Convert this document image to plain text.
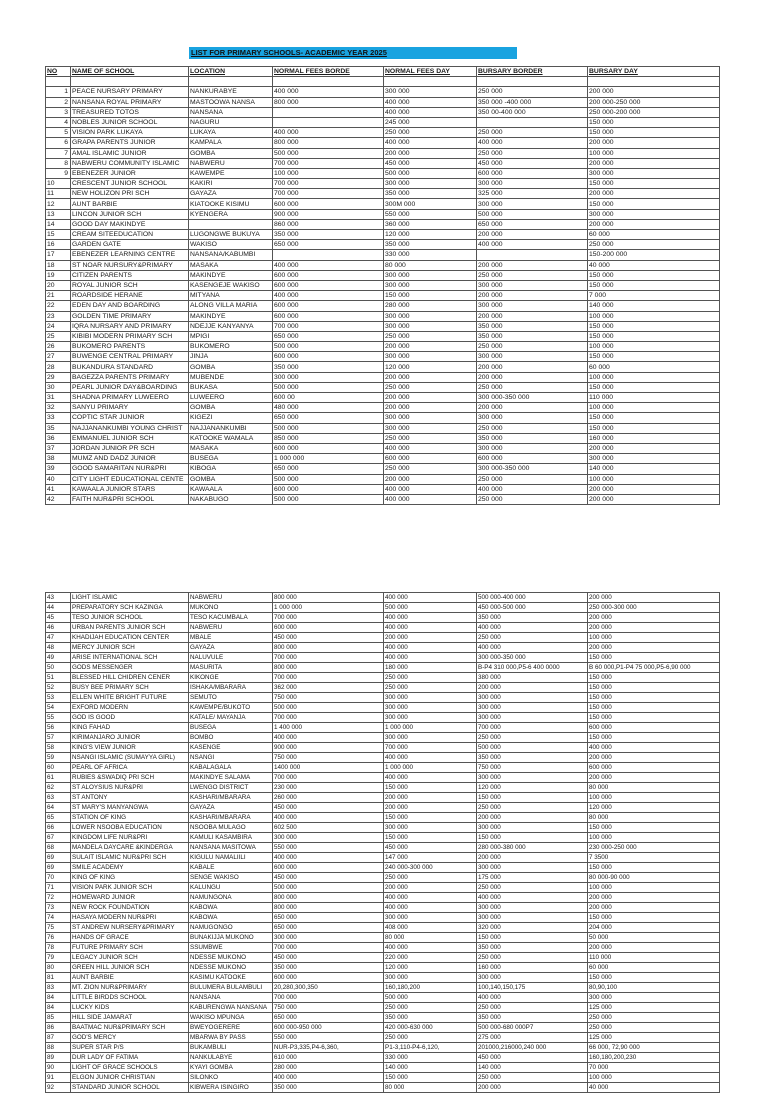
LIST FOR PRIMARY SCHOOLS- ACADEMIC YEAR 2025
NO	NAME OF SCHOOL	LOCATION	NORMAL FEES BORDE	NORMAL FEES DAY	BURSARY BORDER	BURSARY DAY

1	PEACE NURSARY PRIMARY	NANKURABYE	400 000	300 000	250 000	200 000
2	NANSANA ROYAL PRIMARY	MASTOOWA NANSA	800 000	400 000	350 000 -400 000	200 000-250 000
3	TREASURED TOTOS	NANSANA		400 000	350 00-400 000	250 000-200 000
4	NOBLES JUNIOR SCHOOL	NAGURU		245 000		150 000
5	VISION PARK LUKAYA	LUKAYA	400 000	250 000	250 000	150 000
6	GRAPA PARENTS JUNIOR	KAMPALA	800 000	400 000	400 000	200 000
7	AMAL ISLAMIC JUNIOR	GOMBA	500 000	200 000	250 000	100 000
8	NABWERU COMMUNITY ISLAMIC	NABWERU	700 000	450 000	450 000	200 000
9	EBENEZER JUNIOR	KAWEMPE	100 000	500 000	600 000	300 000
10	CRESCENT JUNIOR SCHOOL	KAKIRI	700 000	300 000	300 000	150 000
11	NEW HOLIZON PRI SCH	GAYAZA	700 000	350 000	325 000	200 000
12	AUNT BARBIE	KIATOOKE KISIMU	600 000	300M 000	300 000	150 000
13	LINCON JUNIOR SCH	KYENGERA	900 000	550 000	500 000	300 000
14	GOOD DAY MAKINDYE		860 000	360 000	650 000	200 000
15	CREAM SITEEDUCATION	LUGONGWE BUKUYA	350 000	120 000	200 000	60 000
16	GARDEN GATE	WAKISO	650 000	350 000	400 000	250 000
17	EBENEZER LEARNING CENTRE	NANSANA/KABUMBI		330 000		150-200 000
18	ST NOAR NURSURY&PRIMARY	MASAKA	400 000	80 000	200 000	40 000
19	CITIZEN PARENTS	MAKINDYE	600 000	300 000	250 000	150 000
20	ROYAL JUNIOR SCH	KASENGEJE WAKISO	600 000	300 000	300 000	150 000
21	ROARDSIDE HERANE	MITYANA	400 000	150 000	200 000	7 000
22	EDEN DAY AND BOARDING	ALONG VILLA MARIA	600 000	280 000	300 000	140 000
23	GOLDEN TIME PRIMARY	MAKINDYE	600 000	300 000	200 000	100 000
24	IQRA NURSARY AND PRIMARY	NDEJJE KANYANYA	700 000	300 000	350 000	150 000
25	KIBIBI MODERN PRIMARY SCH	MPIGI	650 000	250 000	350 000	150 000
26	BUKOMERO PARENTS	BUKOMERO	500 000	200 000	250 000	100 000
27	BUWENGE CENTRAL PRIMARY	JINJA	600 000	300 000	300 000	150 000
28	BUKANDURA STANDARD	GOMBA	350 000	120 000	200 000	60 000
29	BAGEZZA PARENTS PRIMARY	MUBENDE	300 000	200 000	200 000	100 000
30	PEARL JUNIOR DAY&BOARDING	BUKASA	500 000	250 000	250 000	150 000
31	SHADNA PRIMARY LUWEERO	LUWEERO	600 00	200 000	300 000-350 000	110 000
32	SANYU PRIMARY	GOMBA	480 000	200 000	200 000	100 000
33	COPTIC STAR JUNIOR	KIGEZI	650 000	300 000	300 000	150 000
35	NAJJANANKUMBI YOUNG CHRIST	NAJJANANKUMBI	500 000	300 000	250 000	150 000
36	EMMANUEL JUNIOR SCH	KATOOKE WAMALA	850 000	250 000	350 000	160 000
37	JORDAN JUNIOR PR SCH	MASAKA	600 000	400 000	300 000	200 000
38	MUMZ AND DADZ JUNIOR	BUSEGA	1 000 000	600 000	600 000	300 000
39	GOOD SAMARITAN NUR&PRI	KIBOGA	650 000	250 000	300 000-350 000	140 000
40	CITY LIGHT EDUCATIONAL CENTE	GOMBA	500 000	200 000	250 000	100 000
41	KAWAALA JUNIOR STARS	KAWAALA	600 000	400 000	400 000	200 000
42	FAITH NUR&PRI SCHOOL	NAKABUGO	500 000	400 000	250 000	200 000
43	LIGHT ISLAMIC	NABWERU	800 000	400 000	500 000-400 000	200 000
44	PREPARATORY SCH KAZINGA	MUKONO	1 000 000	500 000	450 000-500 000	250 000-300 000
45	TESO JUNIOR SCHOOL	TESO KACUMBALA	700 000	400 000	350 000	200 000
46	URBAN PARENTS JUNIOR SCH	NABWERU	600 000	400 000	400 000	200 000
47	KHADIJAH EDUCATION CENTER	MBALE	450 000	200 000	250 000	100 000
48	MERCY JUNIOR SCH	GAYAZA	800 000	400 000	400 000	200 000
49	ARISE INTERNATIONAL SCH	NALUVULE	700 000	400 000	300 000-350 000	150 000
50	GODS MESSENGER	MASURITA	800 000	180 000	B-P4 310 000,P5-6 400 0000	B 60 000,P1-P4 75 000,P5-6,90 000
51	BLESSED HILL CHIDREN CENER	KIKONGE	700 000	250 000	380 000	150 000
52	BUSY BEE PRIMARY SCH	ISHAKA/MBARARA	362 000	250 000	200 000	150 000
53	ELLEN WHITE BRIGHT FUTURE	SEMUTO	750 000	300 000	300 000	150 000
54	EXFORD MODERN	KAWEMPE/BUKOTO	500 000	300 000	300 000	150 000
55	GOD IS GOOD	KATALE/ MAYANJA	700 000	300 000	300 000	150 000
56	KING FAHAD	BUSEGA	1 400 000	1 000 000	700 000	600 000
57	KIRIMANJARO JUNIOR	BOMBO	400 000	300 000	250 000	150 000
58	KING'S VIEW JUNIOR	KASENGE	900 000	700 000	500 000	400 000
59	NSANGI ISLAMIC (SUMAYYA GIRL)	NSANGI	750 000	400 000	350 000	200 000
60	PEARL OF AFRICA	KABALAGALA	1400 000	1 000 000	750 000	600 000
61	RUBIES &SWADIQ PRI SCH	MAKINDYE SALAMA	700 000	400 000	300 000	200 000
62	ST ALOYSIUS NUR&PRI	LWENGO DISTRICT	230 000	150 000	120 000	80 000
63	ST ANTONY	KASHARI/MBARARA	260 000	200 000	150 000	100 000
64	ST MARY'S MANYANGWA	GAYAZA	450 000	200 000	250 000	120 000
65	STATION OF KING	KASHARI/MBARARA	400 000	150 000	200 000	80 000
66	LOWER NSOOBA EDUCATION	NSOOBA MULAGO	602 500	300 000	300 000	150 000
67	KINGDOM LIFE NUR&PRI	KAMULI KASAMBIRA	300 000	150 000	150 000	100 000
68	MANDELA DAYCARE &KINDERGA	NANSANA MASITOWA	550 000	450 000	280 000-380 000	230 000-250 000
69	SULAIT ISLAMIC NUR&PRI SCH	KIGULU NAMALIILI	400 000	147 000	200 000	7 3500
69	SMILE ACADEMY	KABALE	600 000	240 000-300 000	300 000	150 000
70	KING OF KING	SENGE WAKISO	450 000	250 000	175 000	80 000-90 000
71	VISION PARK JUNIOR SCH	KALUNGU	500 000	200 000	250 000	100 000
72	HOMEWARD JUNIOR	NAMUNGONA	800 000	400 000	400 000	200 000
73	NEW ROCK FOUNDATION	KABOWA	800 000	400 000	300 000	200 000
74	HASAYA MODERN NUR&PRI	KABOWA	650 000	300 000	300 000	150 000
75	ST ANDREW NURSERY&PRIMARY	NAMUGONGO	650 000	408 000	320 000	204 000
76	HANDS OF GRACE	BUNAKIJJA MUKONO	300 000	80 000	150 000	50 000
78	FUTURE PRIMARY SCH	SSUMBWE	700 000	400 000	350 000	200 000
79	LEGACY JUNIOR SCH	NDESSE MUKONO	450 000	220 000	250 000	110 000
80	GREEN HILL JUNIOR SCH	NDESSE MUKONO	350 000	120 000	160 000	60 000
81	AUNT BARBIE	KASIMU KATOOKE	600 000	300 000	300 000	150 000
83	MT. ZION NUR&PRIMARY	BULUMERA BULAMBULI	20,280,300,350	160,180,200	100,140,150,175	80,90,100
84	LITTLE BIRDDS SCHOOL	NANSANA	700 000	500 000	400 000	300 000
84	LUCKY KIDS	KABURENGWA NANSANA	750 000	250 000	250 000	125 000
85	HILL SIDE JAMARAT	WAKISO MPUNGA	650 000	350 000	350 000	250 000
86	BAATMAC NUR&PRIMARY SCH	BWEYOGERERE	600 000-950 000	420 000-630 000	500 000-680 000P7	250 000
87	GOD'S MERCY	MBARWA BY PASS	550 000	250 000	275 000	125 000
88	SUPER STAR P/S	BUKAMBULI	NUR-P3,335,P4-6,360,	P1-3,110-P4-6,120,	201000,216000,240 000	66 000, 72,90 000
89	DUR LADY OF FATIMA	NANKULABYE	610 000	330 000	450 000	160,180,200,230
90	LIGHT OF GRACE SCHOOLS	KYAYI GOMBA	280 000	140 000	140 000	70 000
91	ELGON JUNIOR CHRISTIAN	SILONKO	400 000	150 000	250 000	100 000
92	STANDARD JUNIOR SCHOOL	KIBWERA ISINGIRO	350 000	80 000	200 000	40 000
